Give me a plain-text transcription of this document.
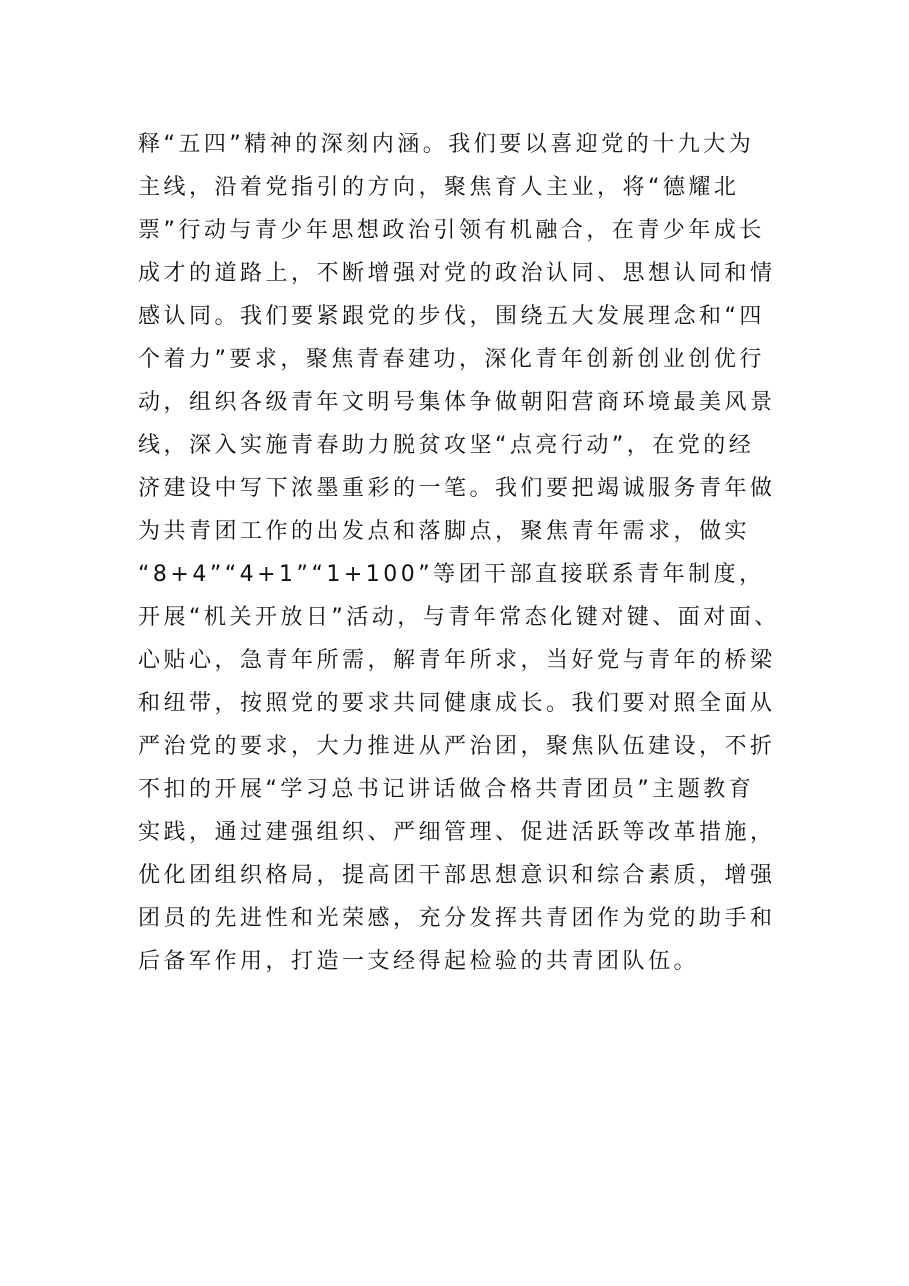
释“五四”精神的深刻内涵。我们要以喜迎党的十九大为
主线，沿着党指引的方向，聚焦育人主业，将“德耀北
票”行动与青少年思想政治引领有机融合，在青少年成长
成才的道路上，不断增强对党的政治认同、思想认同和情
感认同。我们要紧跟党的步伐，围绕五大发展理念和“四
个着力”要求，聚焦青春建功，深化青年创新创业创优行
动，组织各级青年文明号集体争做朝阳营商环境最美风景
线，深入实施青春助力脱贫攻坚“点亮行动”，在党的经
济建设中写下浓墨重彩的一笔。我们要把竭诚服务青年做
为共青团工作的出发点和落脚点，聚焦青年需求，做实
“8+4”“4+1”“1+100”等团干部直接联系青年制度，
开展“机关开放日”活动，与青年常态化键对键、面对面、
心贴心，急青年所需，解青年所求，当好党与青年的桥梁
和纽带，按照党的要求共同健康成长。我们要对照全面从
严治党的要求，大力推进从严治团，聚焦队伍建设，不折
不扣的开展“学习总书记讲话做合格共青团员”主题教育
实践，通过建强组织、严细管理、促进活跃等改革措施，
优化团组织格局，提高团干部思想意识和综合素质，增强
团员的先进性和光荣感，充分发挥共青团作为党的助手和
后备军作用，打造一支经得起检验的共青团队伍。
